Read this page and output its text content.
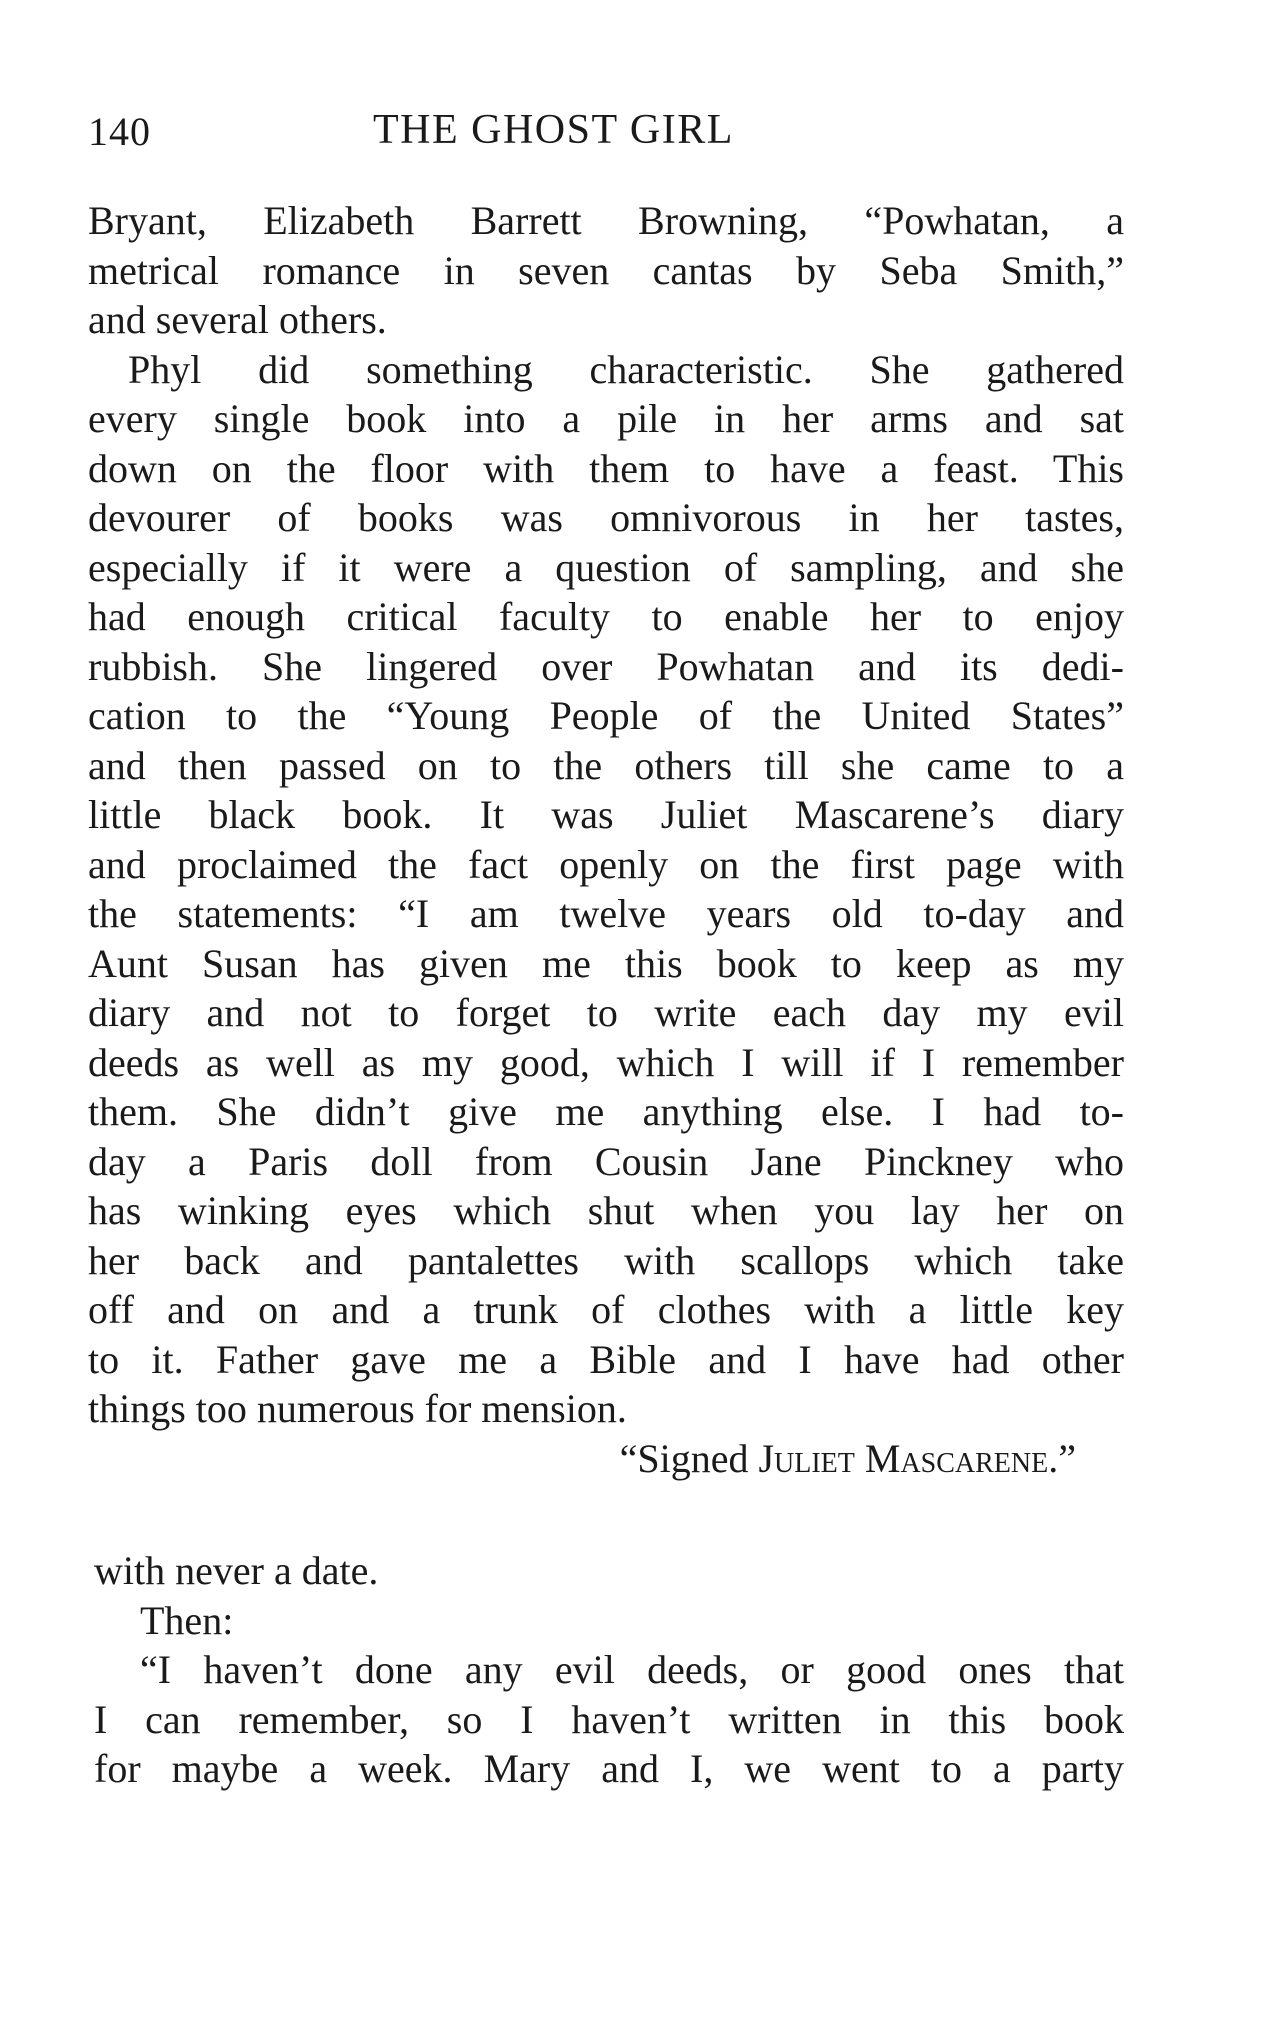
140	THE GHOST GIRL
Bryant, Elizabeth Barrett Browning, “Powhatan, a
metrical romance in seven cantas by Seba Smith,”
and several others.
Phyl did something characteristic. She gathered
every single book into a pile in her arms and sat
down on the floor with them to have a feast. This
devourer of books was omnivorous in her tastes,
especially if it were a question of sampling, and she
had enough critical faculty to enable her to enjoy
rubbish. She lingered over Powhatan and its dedi-
cation to the “Young People of the United States”
and then passed on to the others till she came to a
little black book. It was Juliet Mascarene’s diary
and proclaimed the fact openly on the first page with
the statements: “I am twelve years old to-day and
Aunt Susan has given me this book to keep as my
diary and not to forget to write each day my evil
deeds as well as my good, which I will if I remember
them. She didn’t give me anything else. I had to-
day a Paris doll from Cousin Jane Pinckney who
has winking eyes which shut when you lay her on
her back and pantalettes with scallops which take
off and on and a trunk of clothes with a little key
to it. Father gave me a Bible and I have had other
things too numerous for mension.
“Signed Juliet Mascarene.”
with never a date.
Then:
“I haven’t done any evil deeds, or good ones that
I can remember, so I haven’t written in this book
for maybe a week. Mary and I, we went to a party
